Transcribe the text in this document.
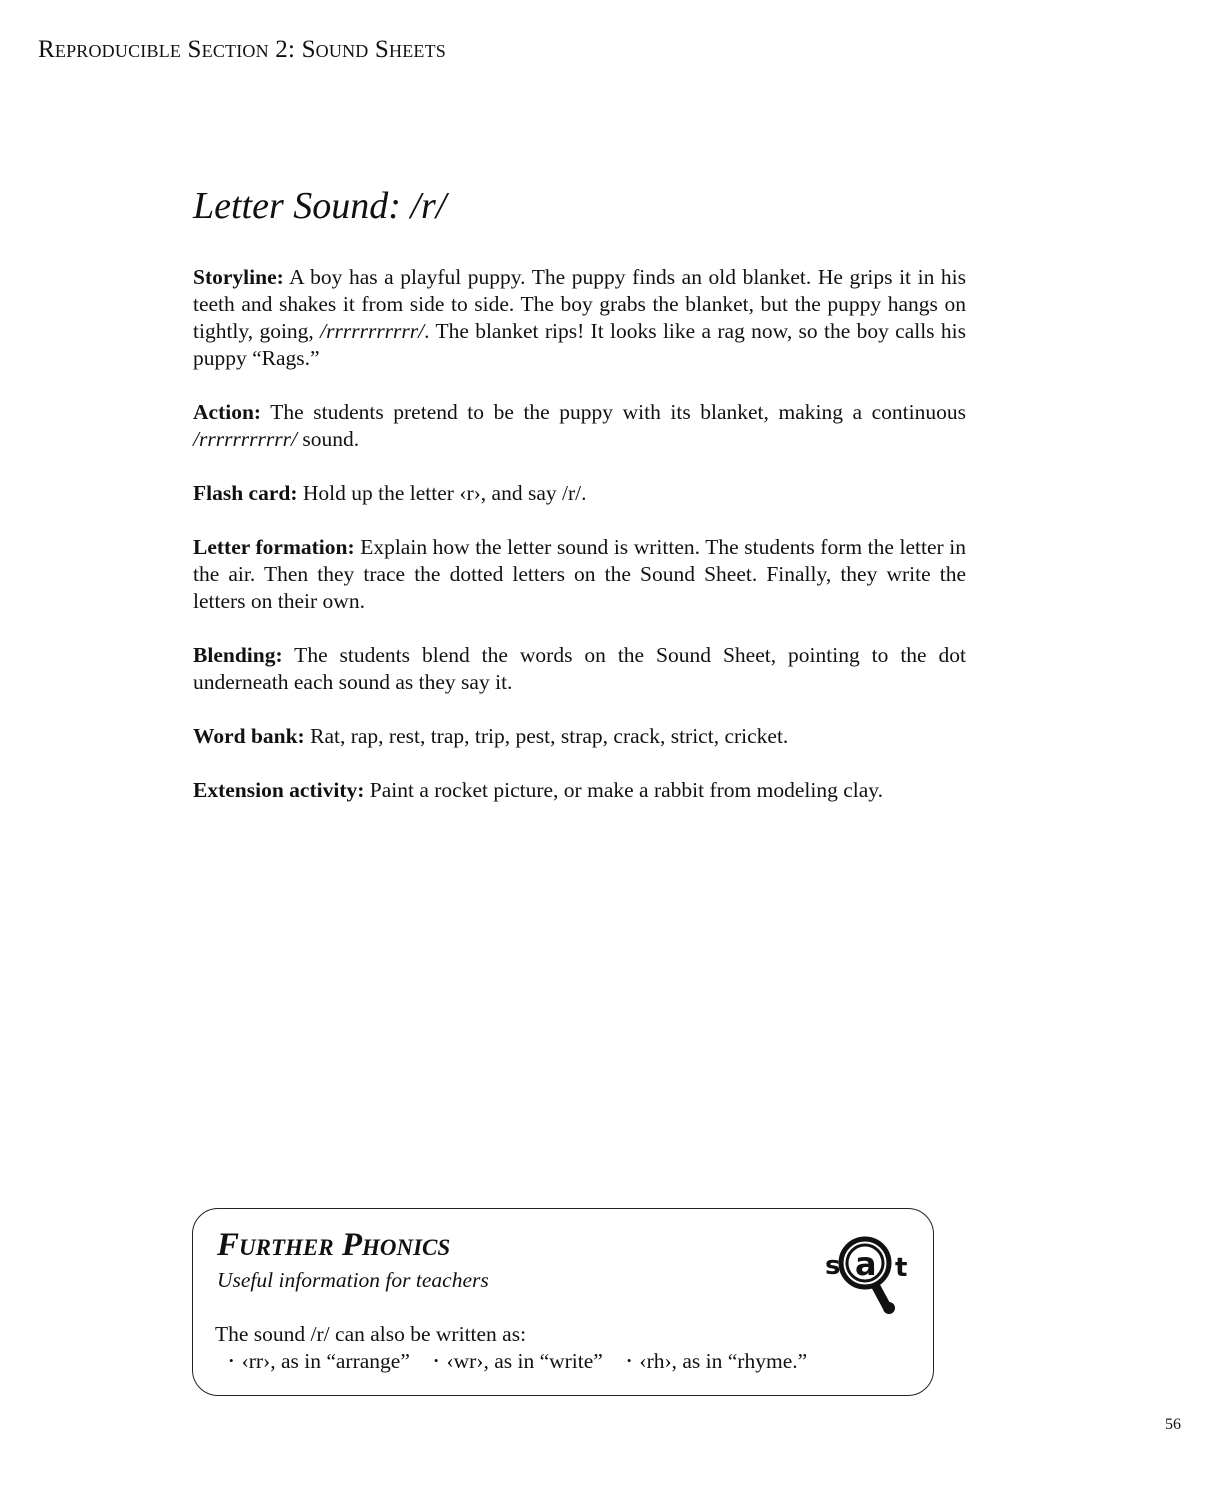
Reproducible Section 2: Sound Sheets
Letter Sound: /r/

Storyline: A boy has a playful puppy. The puppy finds an old blanket. He grips it in his teeth and shakes it from side to side. The boy grabs the blanket, but the puppy hangs on tightly, going, /rrrrrrrrrrr/. The blanket rips! It looks like a rag now, so the boy calls his puppy “Rags.”

Action: The students pretend to be the puppy with its blanket, making a continuous /rrrrrrrrrrr/ sound.

Flash card: Hold up the letter ‹r›, and say /r/.

Letter formation: Explain how the letter sound is written. The students form the letter in the air. Then they trace the dotted letters on the Sound Sheet. Finally, they write the letters on their own.

Blending: The students blend the words on the Sound Sheet, pointing to the dot underneath each sound as they say it.

Word bank: Rat, rap, rest, trap, trip, pest, strap, crack, strict, cricket.

Extension activity: Paint a rocket picture, or make a rabbit from modeling clay.

Further Phonics
Useful information for teachers	s a t
The sound /r/ can also be written as:
• ‹rr›, as in “arrange” • ‹wr›, as in “write” • ‹rh›, as in “rhyme.”
56
